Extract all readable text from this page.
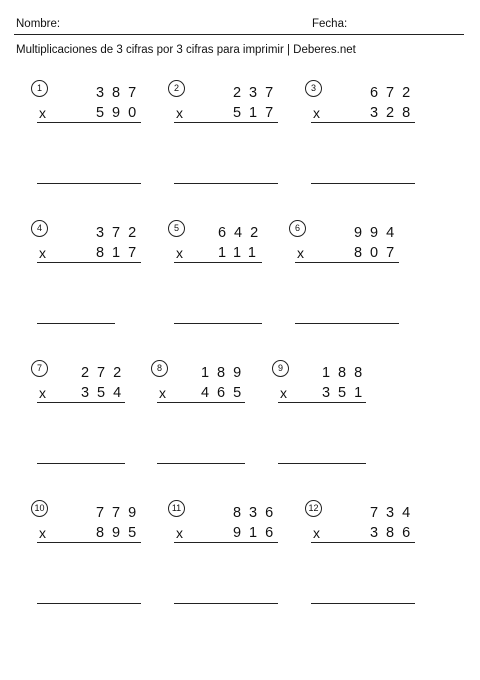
Nombre:	Fecha:
Multiplicaciones de 3 cifras por 3 cifras para imprimir | Deberes.net
1	387
x	590
2	237
x	517
3	672
x	328
4	372
x	817
5	642
x 111
6	994
x	807
7	272
x 354
8	189
x 465
9	188
x 351
10	779
x	895
11	836
x	916
12	734
x	386
